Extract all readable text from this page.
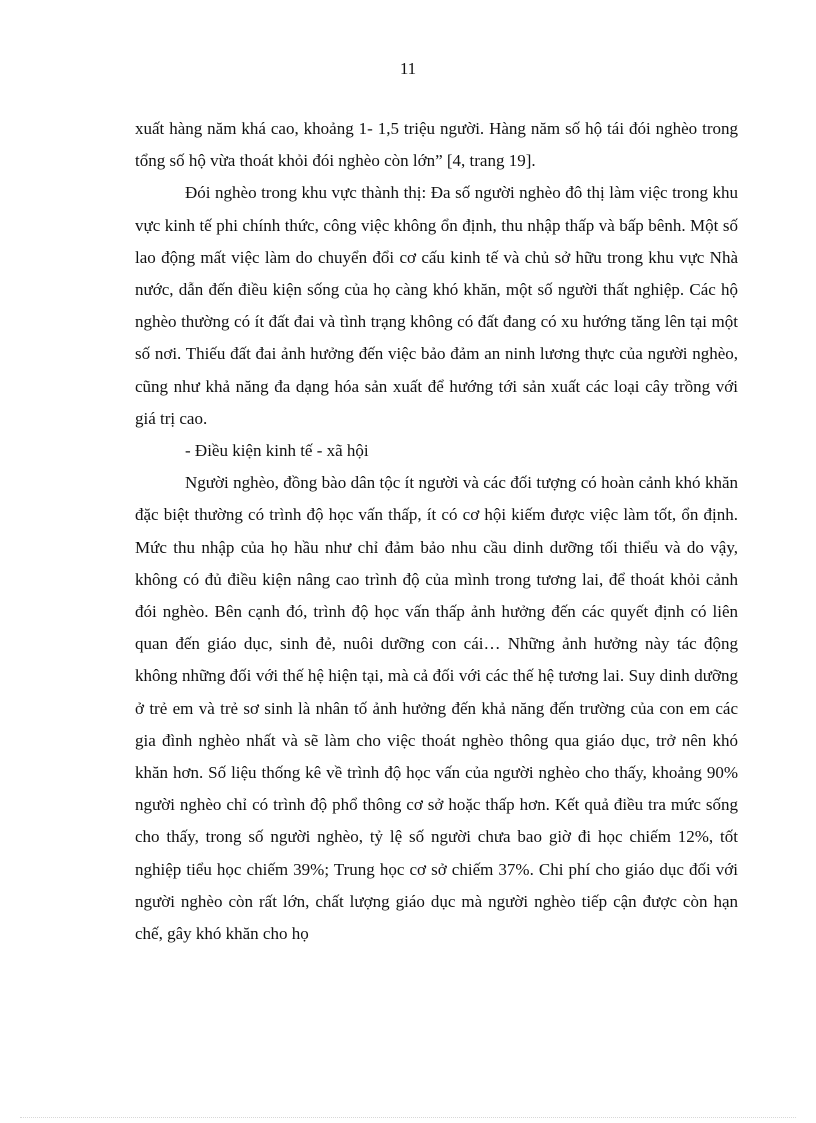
11

xuất hàng năm khá cao, khoảng 1- 1,5 triệu người. Hàng năm số hộ tái đói nghèo trong tổng số hộ vừa thoát khỏi đói nghèo còn lớn” [4, trang 19].

Đói nghèo trong khu vực thành thị: Đa số người nghèo đô thị làm việc trong khu vực kinh tế phi chính thức, công việc không ổn định, thu nhập thấp và bấp bênh. Một số lao động mất việc làm do chuyển đổi cơ cấu kinh tế và chủ sở hữu trong khu vực Nhà nước, dẫn đến điều kiện sống của họ càng khó khăn, một số người thất nghiệp. Các hộ nghèo thường có ít đất đai và tình trạng không có đất đang có xu hướng tăng lên tại một số nơi. Thiếu đất đai ảnh hưởng đến việc bảo đảm an ninh lương thực của người nghèo, cũng như khả năng đa dạng hóa sản xuất để hướng tới sản xuất các loại cây trồng với giá trị cao.

- Điều kiện kinh tế - xã hội

Người nghèo, đồng bào dân tộc ít người và các đối tượng có hoàn cảnh khó khăn đặc biệt thường có trình độ học vấn thấp, ít có cơ hội kiếm được việc làm tốt, ổn định. Mức thu nhập của họ hầu như chỉ đảm bảo nhu cầu dinh dưỡng tối thiểu và do vậy, không có đủ điều kiện nâng cao trình độ của mình trong tương lai, để thoát khỏi cảnh đói nghèo. Bên cạnh đó, trình độ học vấn thấp ảnh hưởng đến các quyết định có liên quan đến giáo dục, sinh đẻ, nuôi dưỡng con cái… Những ảnh hưởng này tác động không những đối với thế hệ hiện tại, mà cả đối với các thế hệ tương lai. Suy dinh dưỡng ở trẻ em và trẻ sơ sinh là nhân tố ảnh hưởng đến khả năng đến trường của con em các gia đình nghèo nhất và sẽ làm cho việc thoát nghèo thông qua giáo dục, trở nên khó khăn hơn. Số liệu thống kê về trình độ học vấn của người nghèo cho thấy, khoảng 90% người nghèo chỉ có trình độ phổ thông cơ sở hoặc thấp hơn. Kết quả điều tra mức sống cho thấy, trong số người nghèo, tỷ lệ số người chưa bao giờ đi học chiếm 12%, tốt nghiệp tiểu học chiếm 39%; Trung học cơ sở chiếm 37%. Chi phí cho giáo dục đối với người nghèo còn rất lớn, chất lượng giáo dục mà người nghèo tiếp cận được còn hạn chế, gây khó khăn cho họ
